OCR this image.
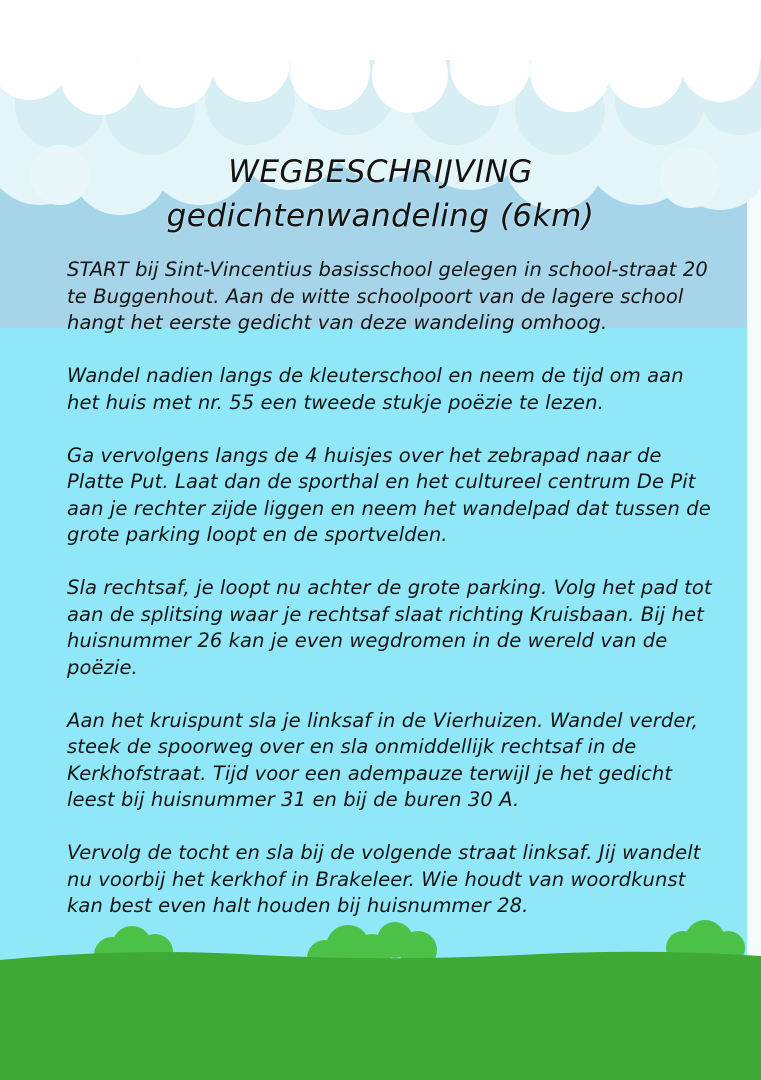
WEGBESCHRIJVING
gedichtenwandeling (6km)

START bij Sint-Vincentius basisschool gelegen in school-straat 20 te Buggenhout. Aan de witte schoolpoort van de lagere school hangt het eerste gedicht van deze wandeling omhoog.

Wandel nadien langs de kleuterschool en neem de tijd om aan het huis met nr. 55 een tweede stukje poëzie te lezen.

Ga vervolgens langs de 4 huisjes over het zebrapad naar de Platte Put. Laat dan de sporthal en het cultureel centrum De Pit aan je rechter zijde liggen en neem het wandelpad dat tussen de grote parking loopt en de sportvelden.

Sla rechtsaf, je loopt nu achter de grote parking. Volg het pad tot aan de splitsing waar je rechtsaf slaat richting Kruisbaan. Bij het huisnummer 26 kan je even wegdromen in de wereld van de poëzie.

Aan het kruispunt sla je linksaf in de Vierhuizen. Wandel verder, steek de spoorweg over en sla onmiddellijk rechtsaf in de Kerkhofstraat. Tijd voor een adempauze terwijl je het gedicht leest bij huisnummer 31 en bij de buren 30 A.

Vervolg de tocht en sla bij de volgende straat linksaf. Jij wandelt nu voorbij het kerkhof in Brakeleer. Wie houdt van woordkunst kan best even halt houden bij huisnummer 28.
